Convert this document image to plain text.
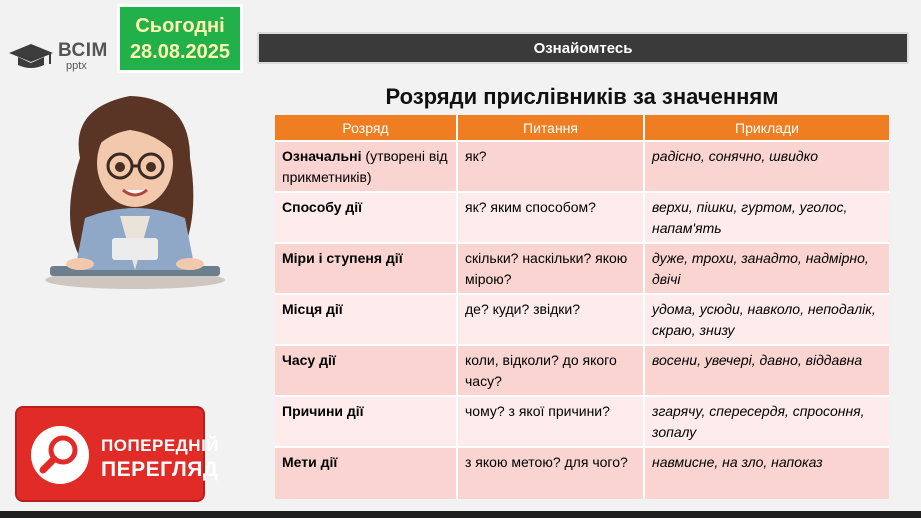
ВСІМ
pptx
Сьогодні
28.08.2025	Ознайомтесь
Розряди прислівників за значенням
Розряд	Питання	Приклади
Означальні (утворені від прикметників)	як?	радісно, сонячно, швидко
Способу дії	як? яким способом?	верхи, пішки, гуртом, уголос, напам'ять
Міри і ступеня дії	скільки? наскільки? якою мірою?	дуже, трохи, занадто, надмірно, двічі
Місця дії	де? куди? звідки?	удома, усюди, навколо, неподалік, скраю, знизу
Часу дії	коли, відколи? до якого часу?	восени, увечері, давно, віддавна
Причини дії	чому? з якої причини?	згарячу, спересердя, спросоння, зопалу
Мети дії	з якою метою? для чого?	навмисне, на зло, напоказ
ПОПЕРЕДНІЙ
ПЕРЕГЛЯД
